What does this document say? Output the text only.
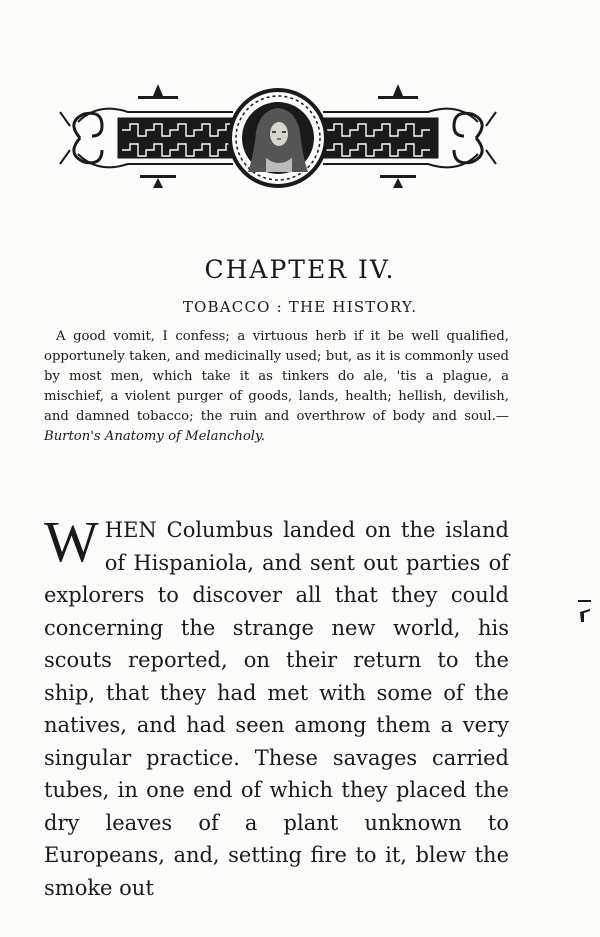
CHAPTER IV.
TOBACCO : THE HISTORY.

A good vomit, I confess; a virtuous herb if it be well qualified, opportunely taken, and medicinally used; but, as it is commonly used by most men, which take it as tinkers do ale, 'tis a plague, a mischief, a violent purger of goods, lands, health; hellish, devilish, and damned tobacco; the ruin and overthrow of body and soul.—Burton's Anatomy of Melancholy.

WHEN Columbus landed on the island of Hispaniola, and sent out parties of explorers to discover all that they could concerning the strange new world, his scouts reported, on their return to the ship, that they had met with some of the natives, and had seen among them a very singular practice. These savages carried tubes, in one end of which they placed the dry leaves of a plant unknown to Europeans, and, setting fire to it, blew the smoke out
